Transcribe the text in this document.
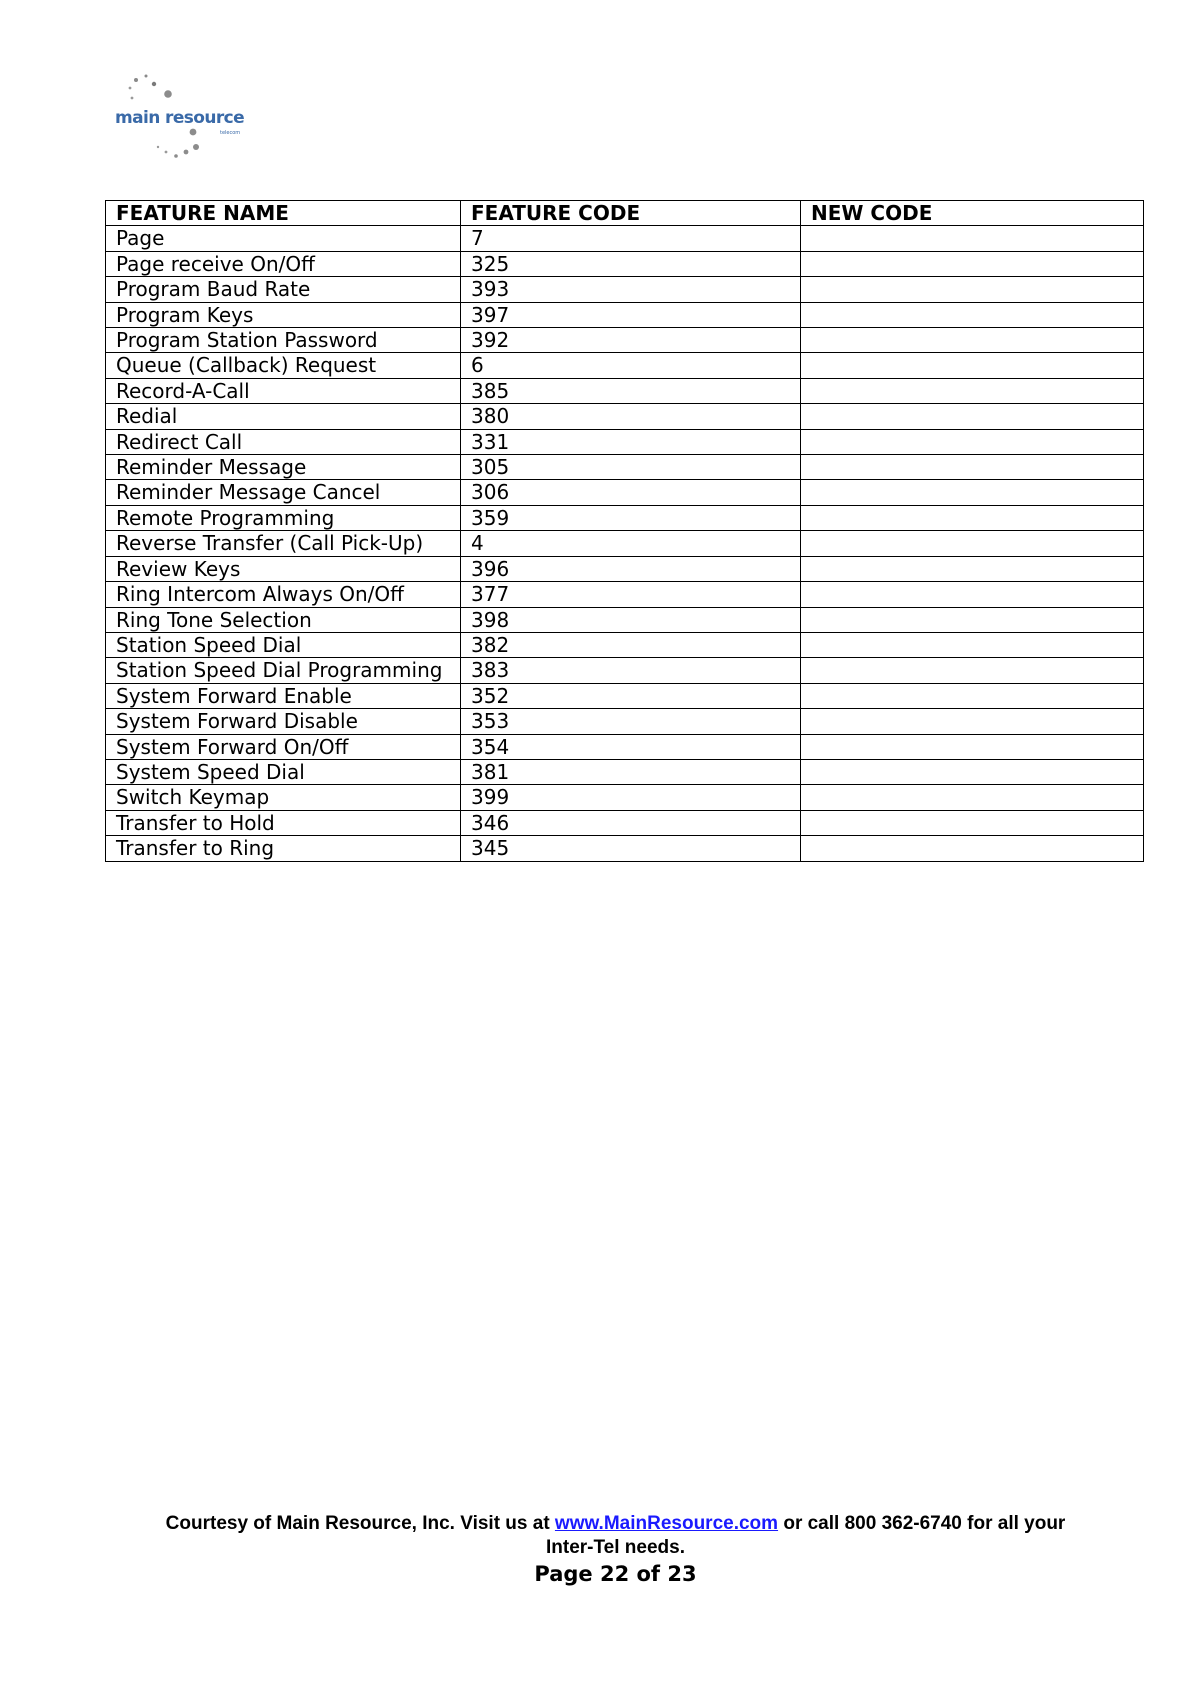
main resource
telecom
FEATURE NAME	FEATURE CODE	NEW CODE
Page	7	
Page receive On/Off	325	
Program Baud Rate	393	
Program Keys	397	
Program Station Password	392	
Queue (Callback) Request	6	
Record-A-Call	385	
Redial	380	
Redirect Call	331	
Reminder Message	305	
Reminder Message Cancel	306	
Remote Programming	359	
Reverse Transfer (Call Pick-Up)	4	
Review Keys	396	
Ring Intercom Always On/Off	377	
Ring Tone Selection	398	
Station Speed Dial	382	
Station Speed Dial Programming	383	
System Forward Enable	352	
System Forward Disable	353	
System Forward On/Off	354	
System Speed Dial	381	
Switch Keymap	399	
Transfer to Hold	346	
Transfer to Ring	345	
Courtesy of Main Resource, Inc. Visit us at www.MainResource.com or call 800 362-6740 for all your
Inter-Tel needs.
Page 22 of 23
